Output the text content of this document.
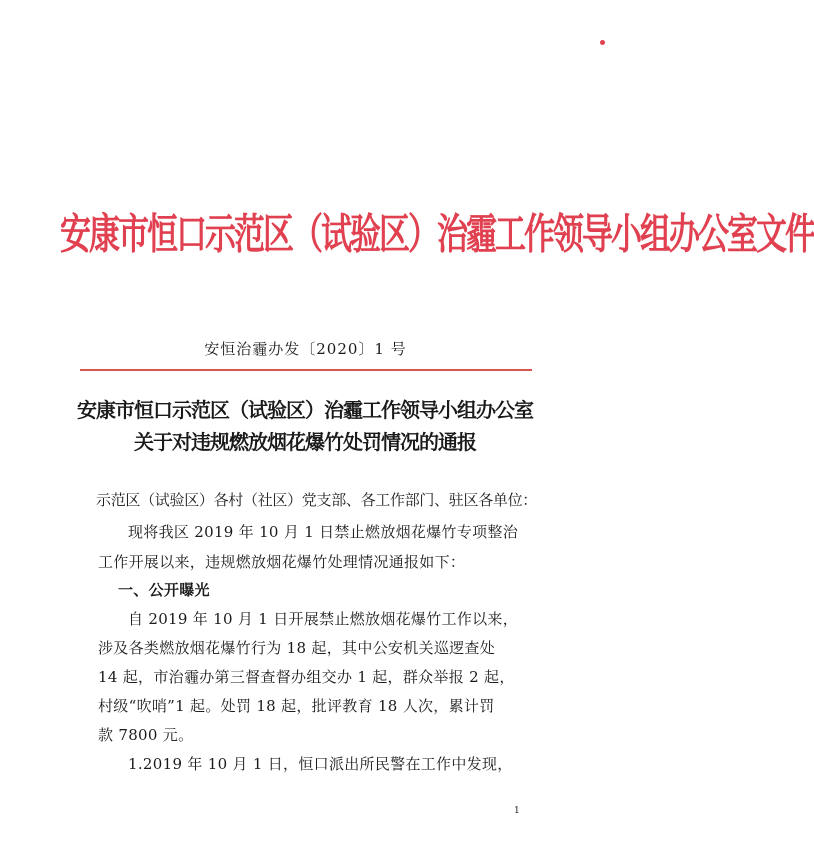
安康市恒口示范区（试验区）治霾工作领导小组办公室文件
安恒治霾办发〔2020〕1 号
安康市恒口示范区（试验区）治霾工作领导小组办公室
关于对违规燃放烟花爆竹处罚情况的通报
示范区（试验区）各村（社区）党支部、各工作部门、驻区各单位：
现将我区 2019 年 10 月 1 日禁止燃放烟花爆竹专项整治
工作开展以来，违规燃放烟花爆竹处理情况通报如下：
一、公开曝光
自 2019 年 10 月 1 日开展禁止燃放烟花爆竹工作以来，
涉及各类燃放烟花爆竹行为 18 起，其中公安机关巡逻查处
14 起，市治霾办第三督查督办组交办 1 起，群众举报 2 起，
村级“吹哨”1 起。处罚 18 起，批评教育 18 人次，累计罚
款 7800 元。
1.2019 年 10 月 1 日，恒口派出所民警在工作中发现，
1
